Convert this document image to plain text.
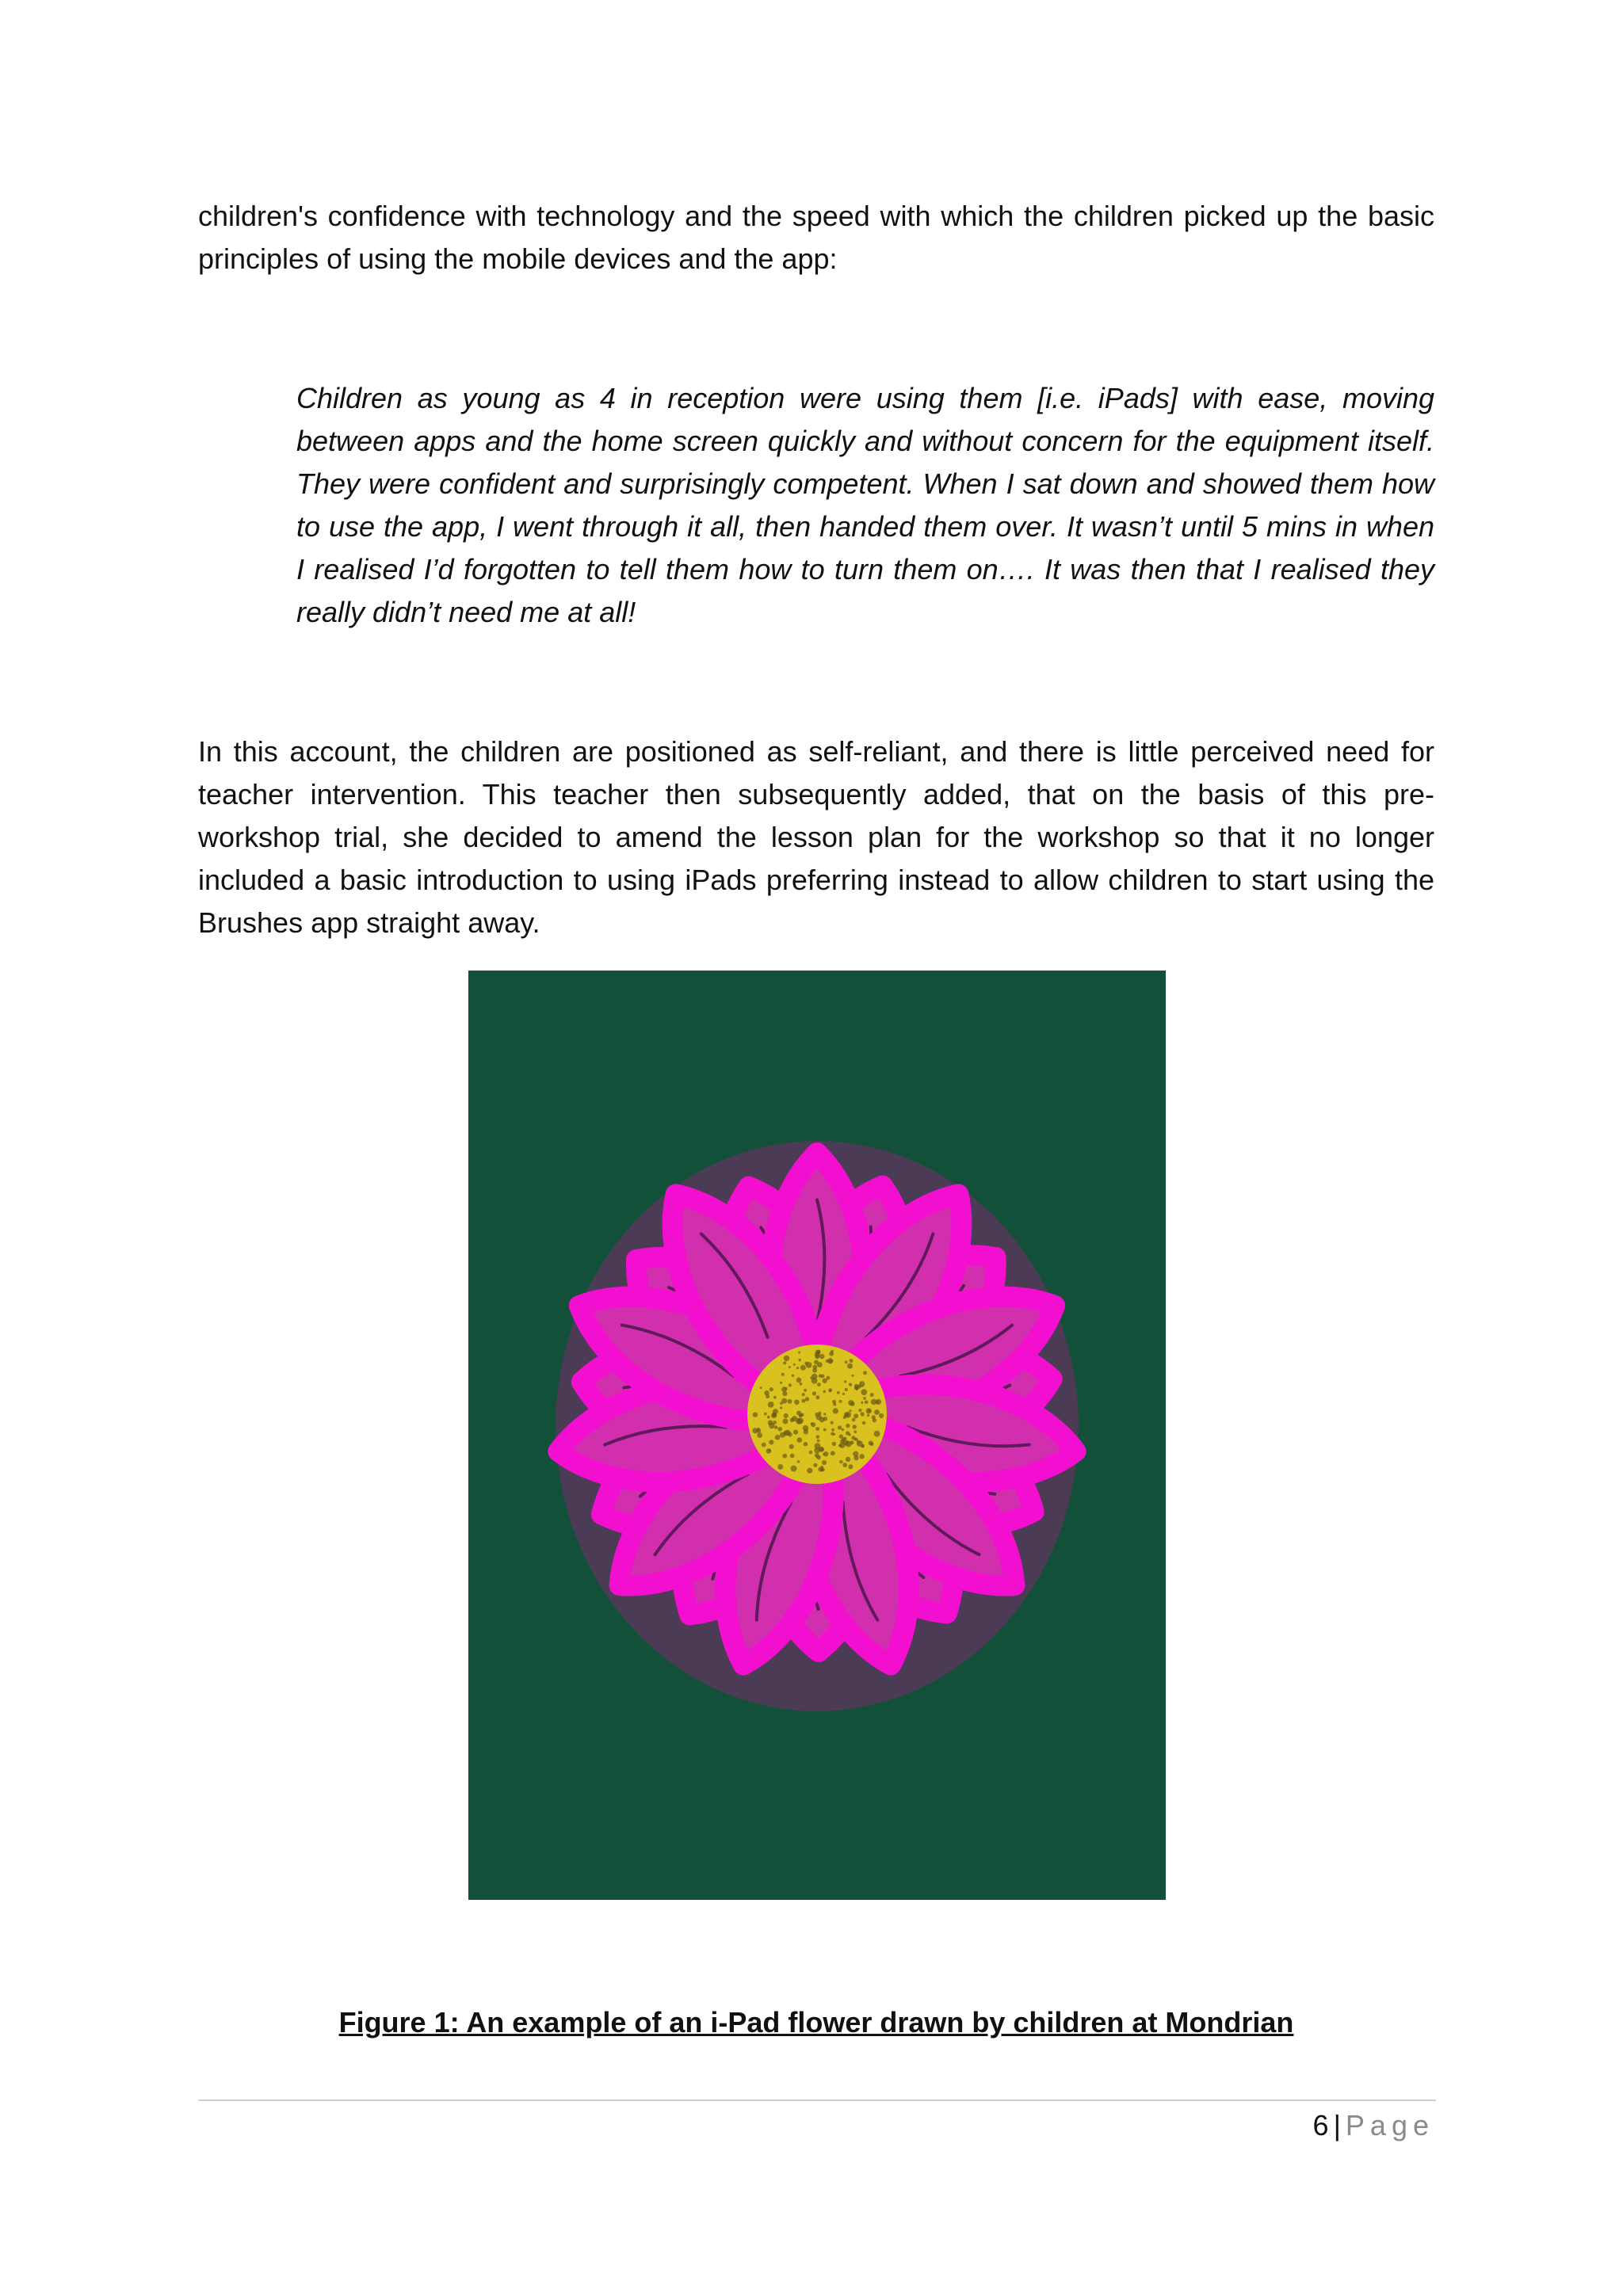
children's confidence with technology and the speed with which the children picked up the basic principles of using the mobile devices and the app:

Children as young as 4 in reception were using them [i.e. iPads] with ease, moving between apps and the home screen quickly and without concern for the equipment itself. They were confident and surprisingly competent. When I sat down and showed them how to use the app, I went through it all, then handed them over. It wasn’t until 5 mins in when I realised I’d forgotten to tell them how to turn them on…. It was then that I realised they really didn’t need me at all!

In this account, the children are positioned as self-reliant, and there is little perceived need for teacher intervention. This teacher then subsequently added, that on the basis of this pre-workshop trial, she decided to amend the lesson plan for the workshop so that it no longer included a basic introduction to using iPads preferring instead to allow children to start using the Brushes app straight away.

Figure 1: An example of an i-Pad flower drawn by children at Mondrian

6 | Page
